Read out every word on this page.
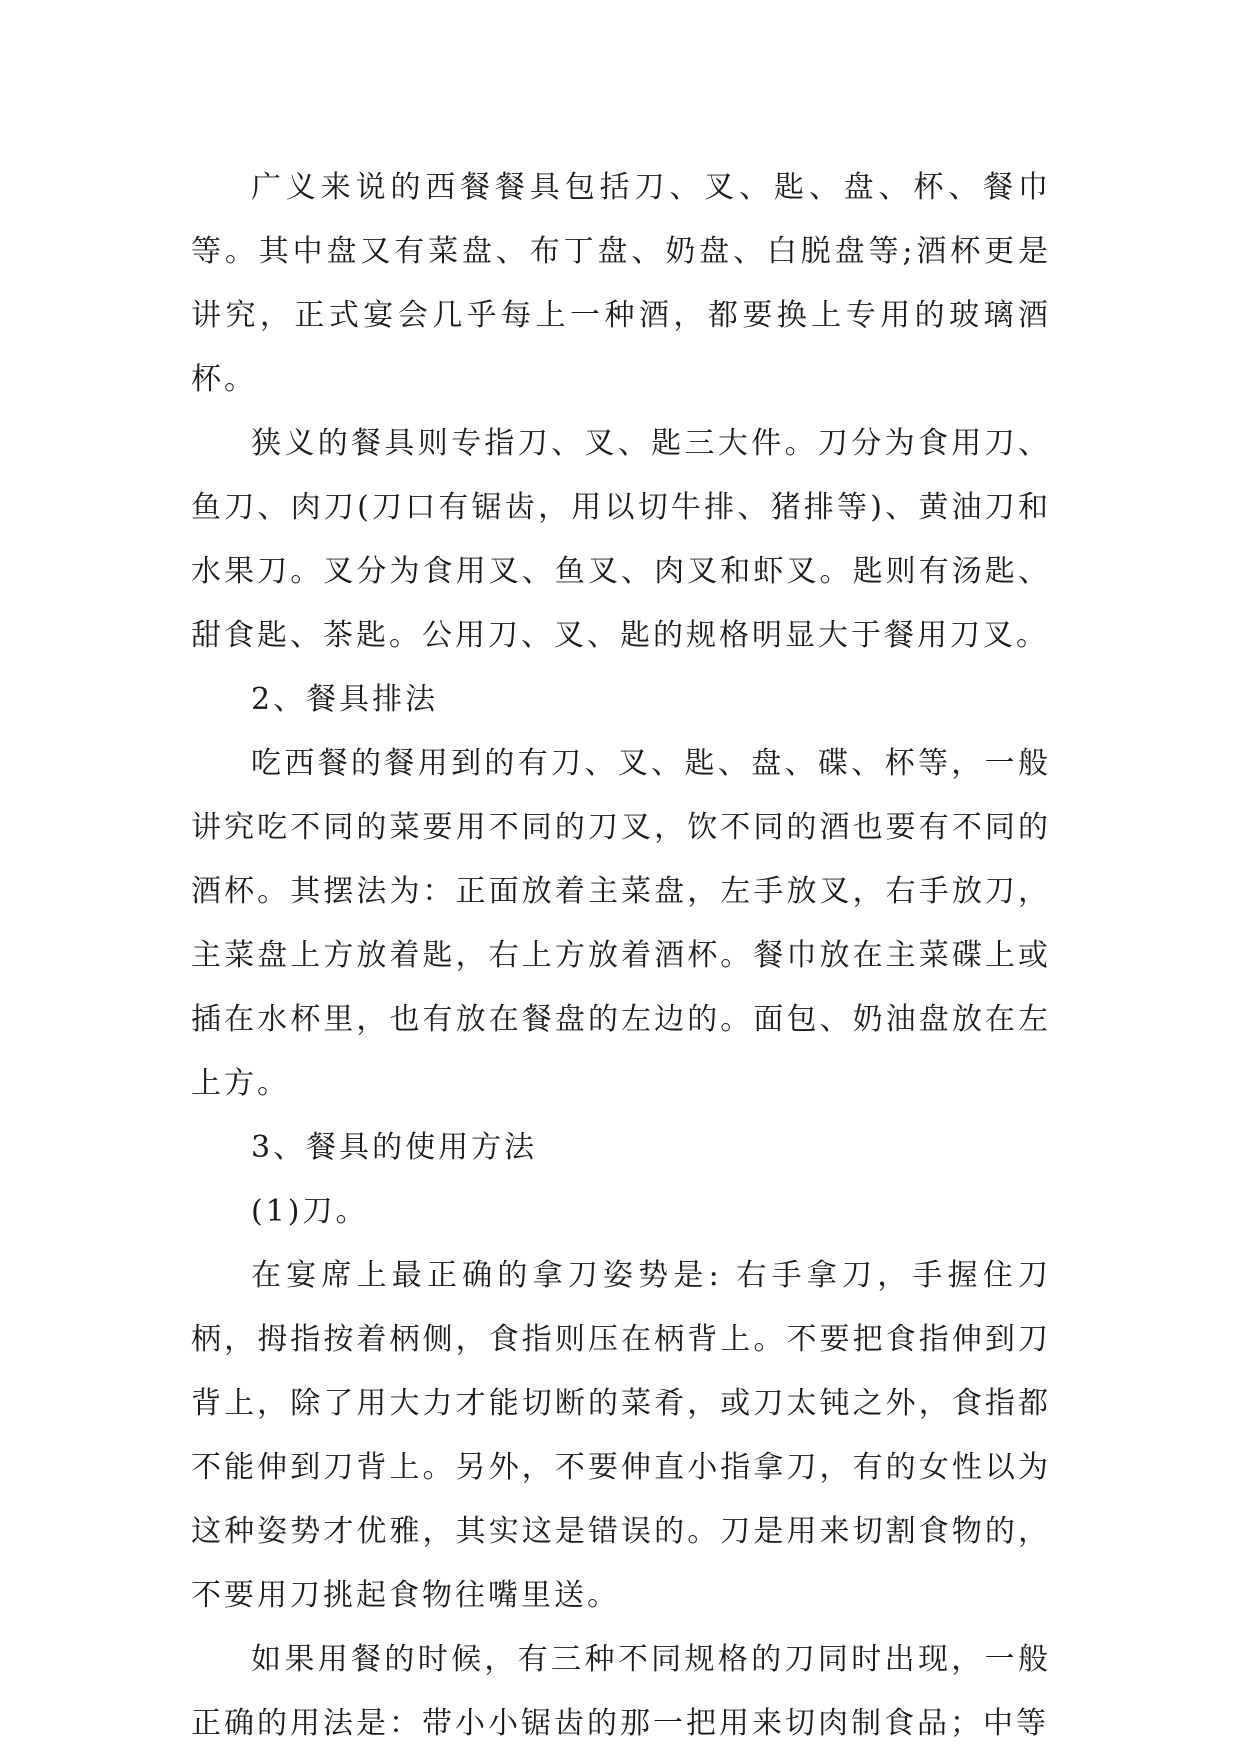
广义来说的西餐餐具包括刀、叉、匙、盘、杯、餐巾等。其中盘又有菜盘、布丁盘、奶盘、白脱盘等;酒杯更是讲究，正式宴会几乎每上一种酒，都要换上专用的玻璃酒杯。

狭义的餐具则专指刀、叉、匙三大件。刀分为食用刀、鱼刀、肉刀(刀口有锯齿，用以切牛排、猪排等)、黄油刀和水果刀。叉分为食用叉、鱼叉、肉叉和虾叉。匙则有汤匙、甜食匙、茶匙。公用刀、叉、匙的规格明显大于餐用刀叉。

2、餐具排法

吃西餐的餐用到的有刀、叉、匙、盘、碟、杯等，一般讲究吃不同的菜要用不同的刀叉，饮不同的酒也要有不同的酒杯。其摆法为：正面放着主菜盘，左手放叉，右手放刀，主菜盘上方放着匙，右上方放着酒杯。餐巾放在主菜碟上或插在水杯里，也有放在餐盘的左边的。面包、奶油盘放在左上方。

3、餐具的使用方法

(1)刀。

在宴席上最正确的拿刀姿势是: 右手拿刀，手握住刀柄，拇指按着柄侧，食指则压在柄背上。不要把食指伸到刀背上，除了用大力才能切断的菜肴，或刀太钝之外，食指都不能伸到刀背上。另外，不要伸直小指拿刀，有的女性以为这种姿势才优雅，其实这是错误的。刀是用来切割食物的，不要用刀挑起食物往嘴里送。

如果用餐的时候，有三种不同规格的刀同时出现，一般正确的用法是：带小小锯齿的那一把用来切肉制食品；中等
